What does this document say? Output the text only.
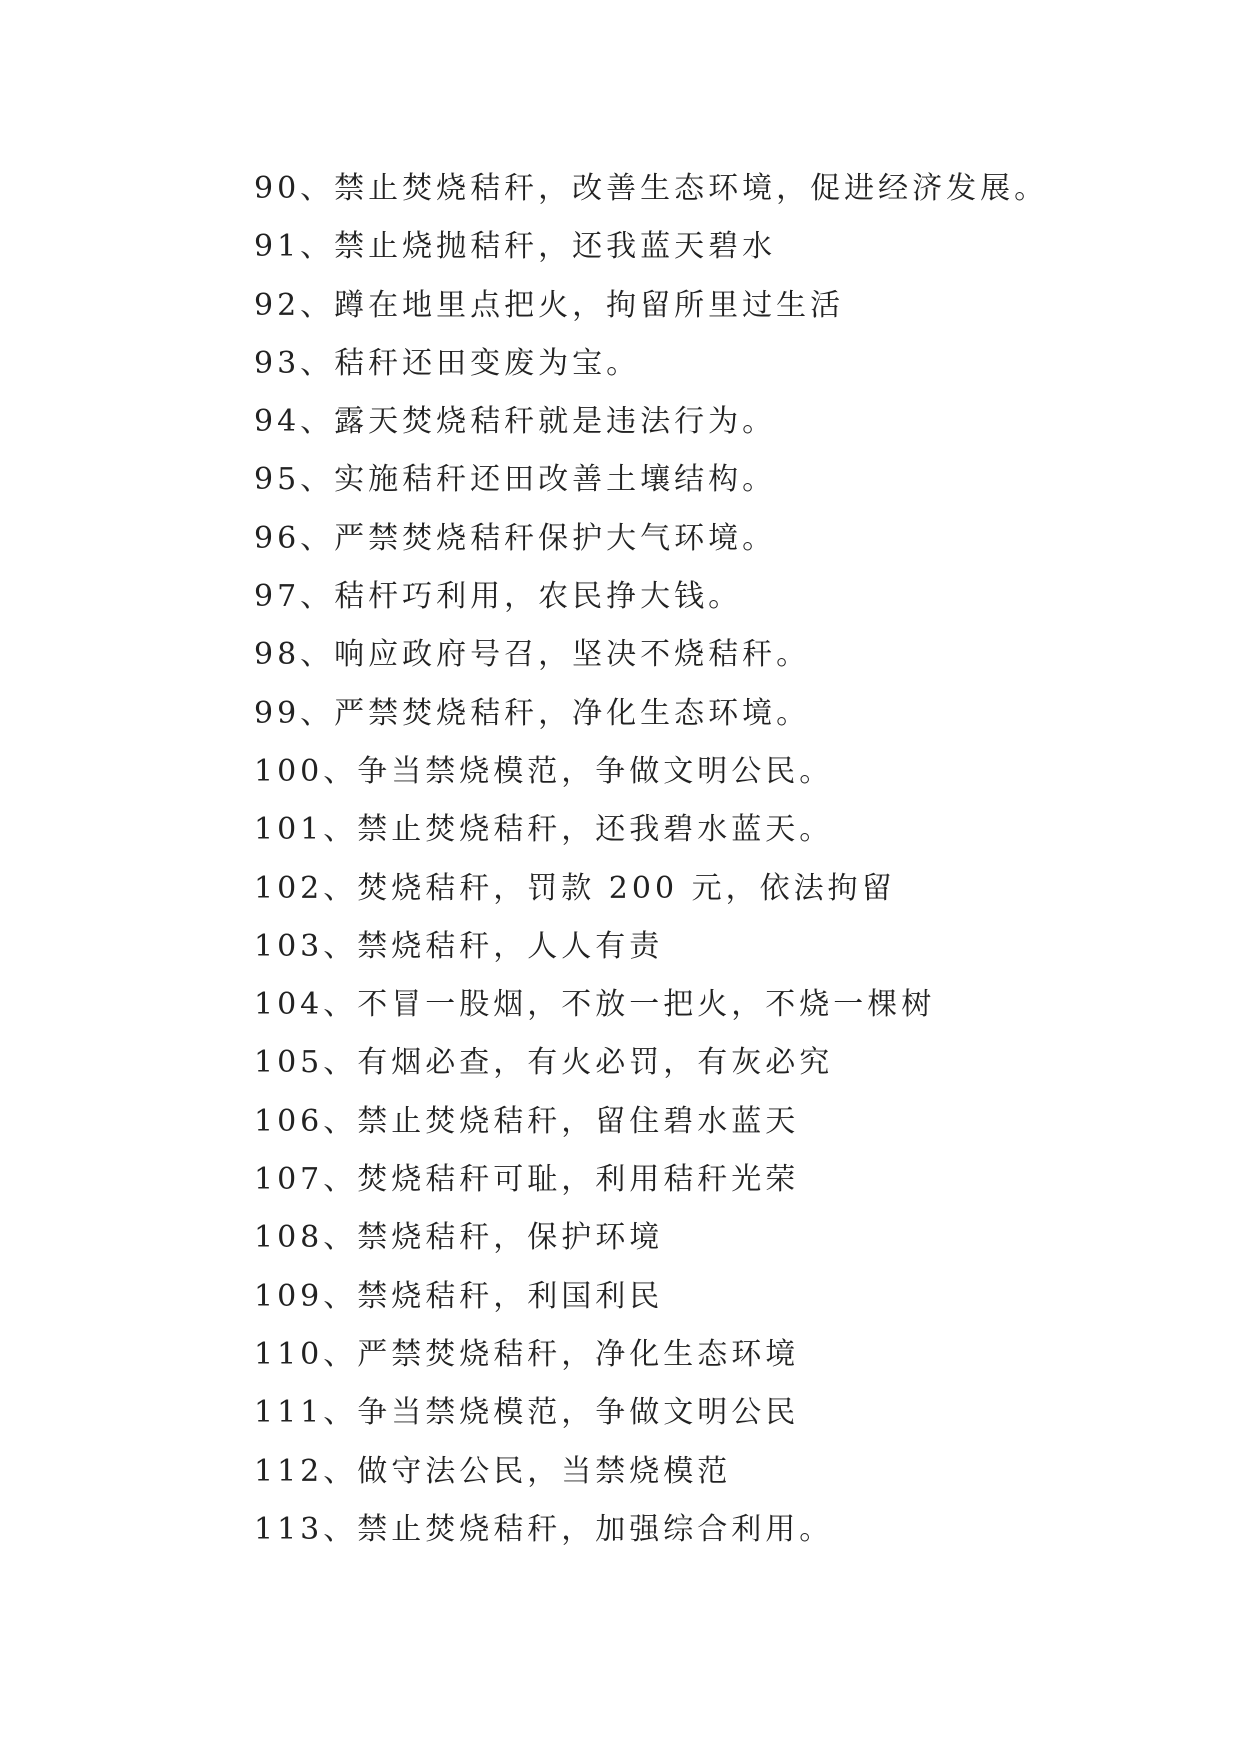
90、禁止焚烧秸秆，改善生态环境，促进经济发展。
91、禁止烧抛秸秆，还我蓝天碧水
92、蹲在地里点把火，拘留所里过生活
93、秸秆还田变废为宝。
94、露天焚烧秸秆就是违法行为。
95、实施秸秆还田改善土壤结构。
96、严禁焚烧秸秆保护大气环境。
97、秸杆巧利用，农民挣大钱。
98、响应政府号召，坚决不烧秸秆。
99、严禁焚烧秸秆，净化生态环境。
100、争当禁烧模范，争做文明公民。
101、禁止焚烧秸秆，还我碧水蓝天。
102、焚烧秸秆，罚款 200 元，依法拘留
103、禁烧秸秆，人人有责
104、不冒一股烟，不放一把火，不烧一棵树
105、有烟必查，有火必罚，有灰必究
106、禁止焚烧秸秆，留住碧水蓝天
107、焚烧秸秆可耻，利用秸秆光荣
108、禁烧秸秆，保护环境
109、禁烧秸秆，利国利民
110、严禁焚烧秸秆，净化生态环境
111、争当禁烧模范，争做文明公民
112、做守法公民，当禁烧模范
113、禁止焚烧秸秆，加强综合利用。
